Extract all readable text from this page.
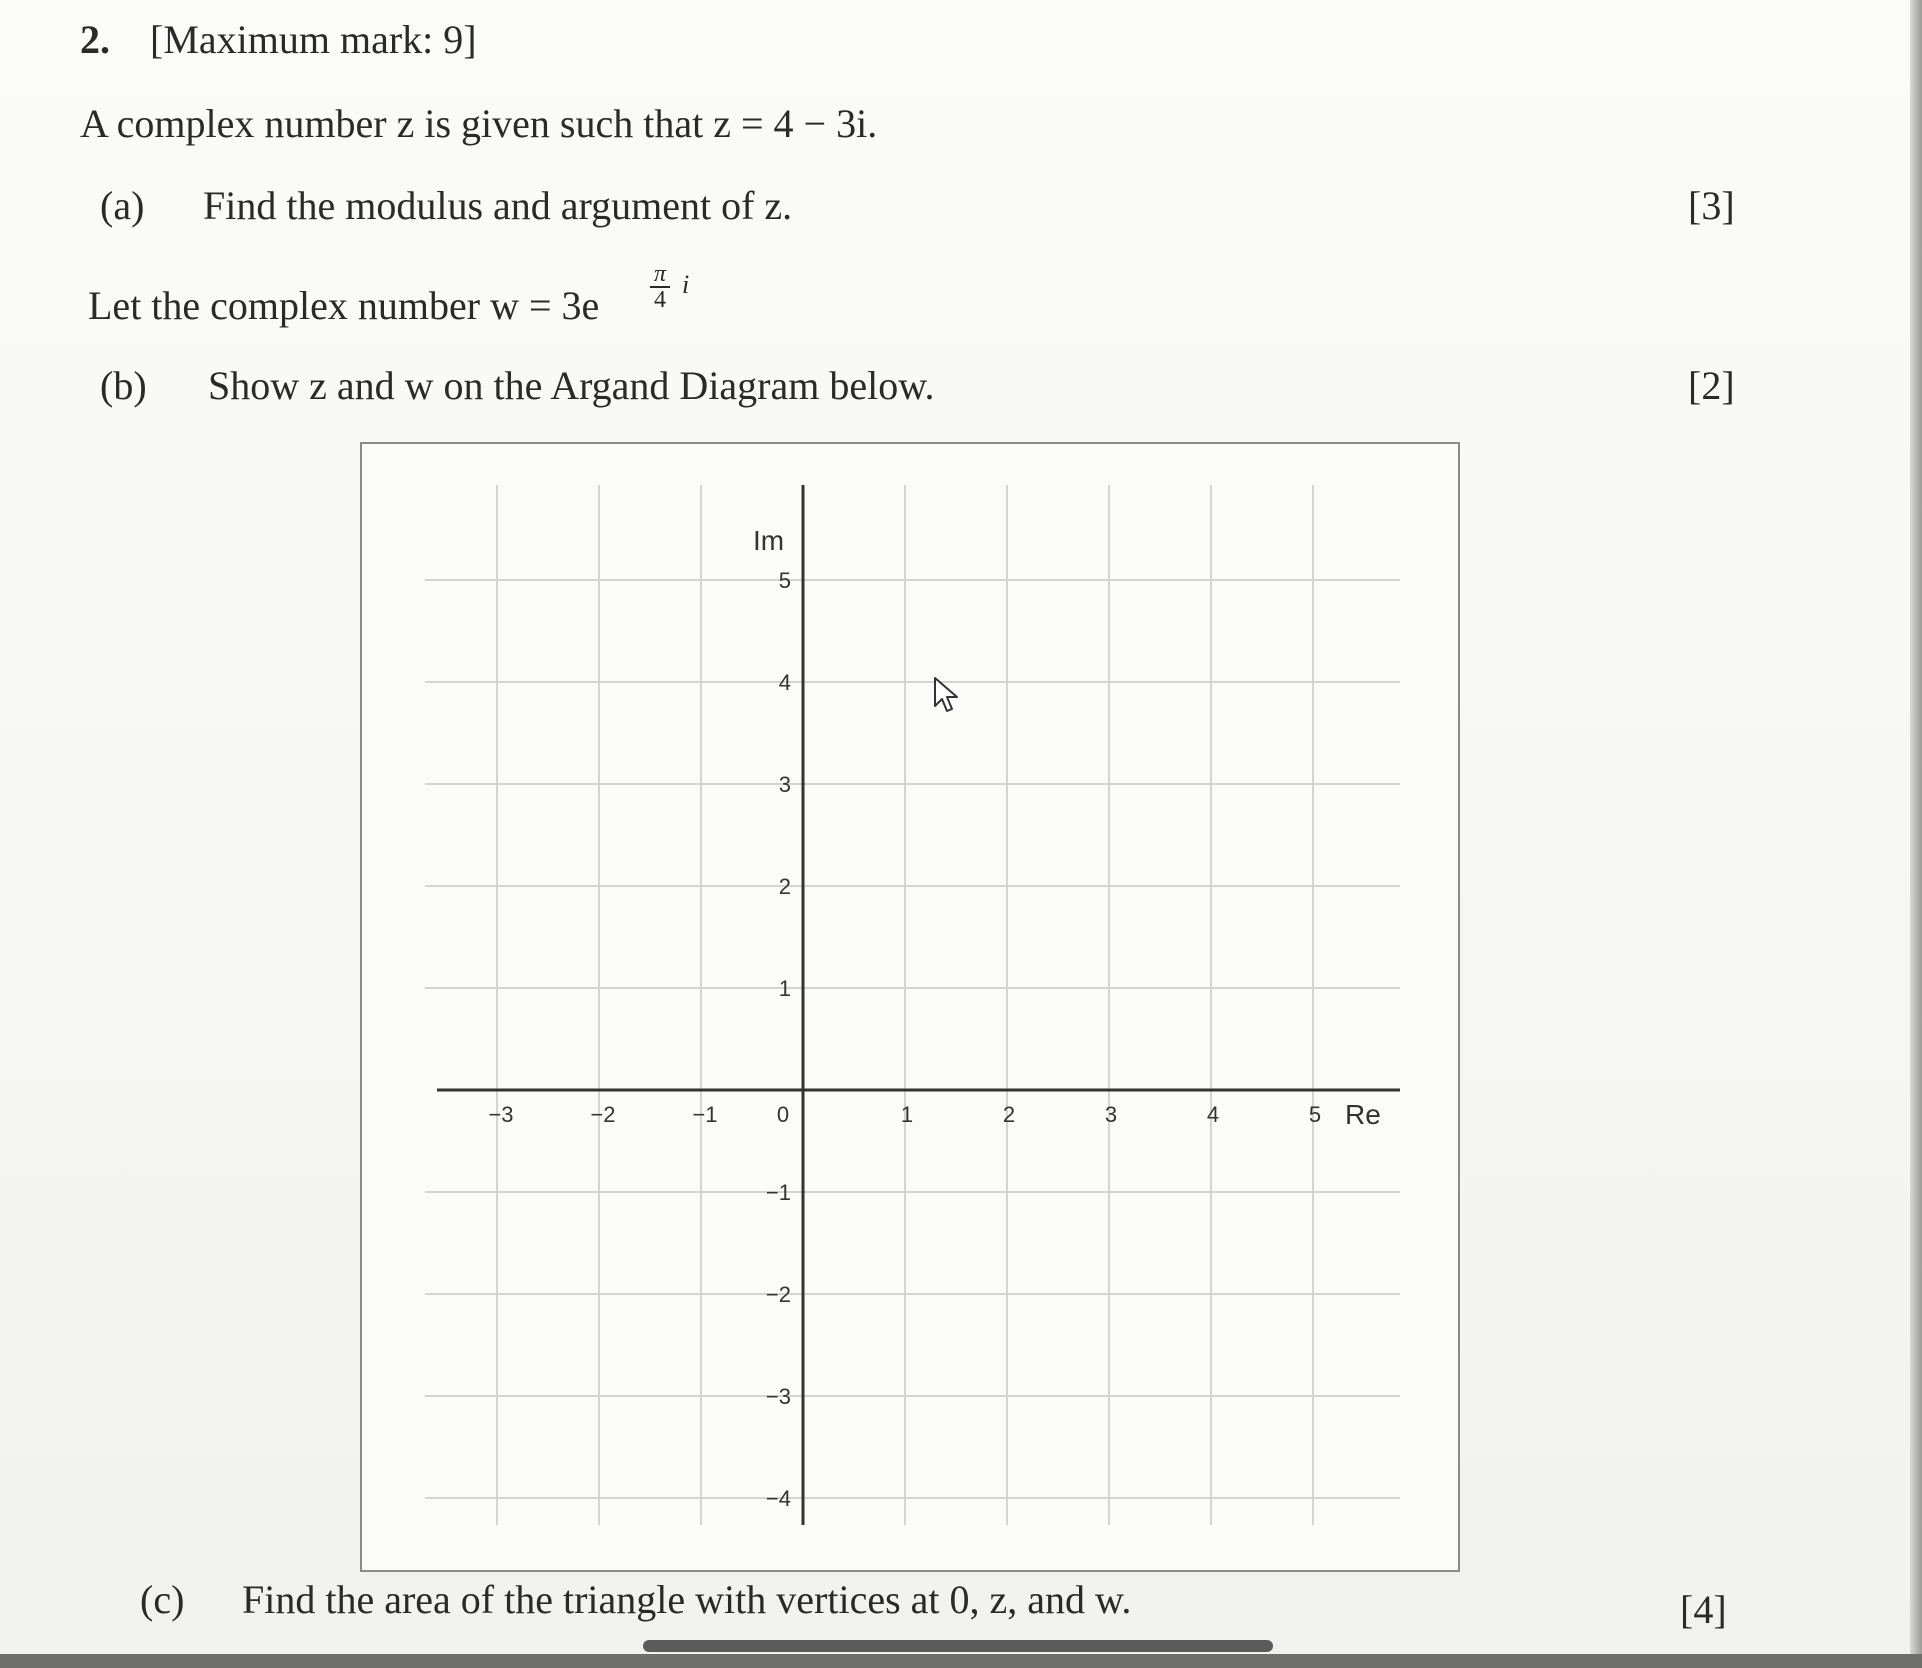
2. [Maximum mark: 9]
A complex number z is given such that z = 4 − 3i.
(a) Find the modulus and argument of z.	[3]
Let the complex number w = 3e
π
4
i
(b) Show z and w on the Argand Diagram below.	[2]
−3	−2	−1	0	1	2	3	4	5
5
4
3
2
1
−1
−2
−3
−4
Re
Im
(c) Find the area of the triangle with vertices at 0, z, and w.	[4]
